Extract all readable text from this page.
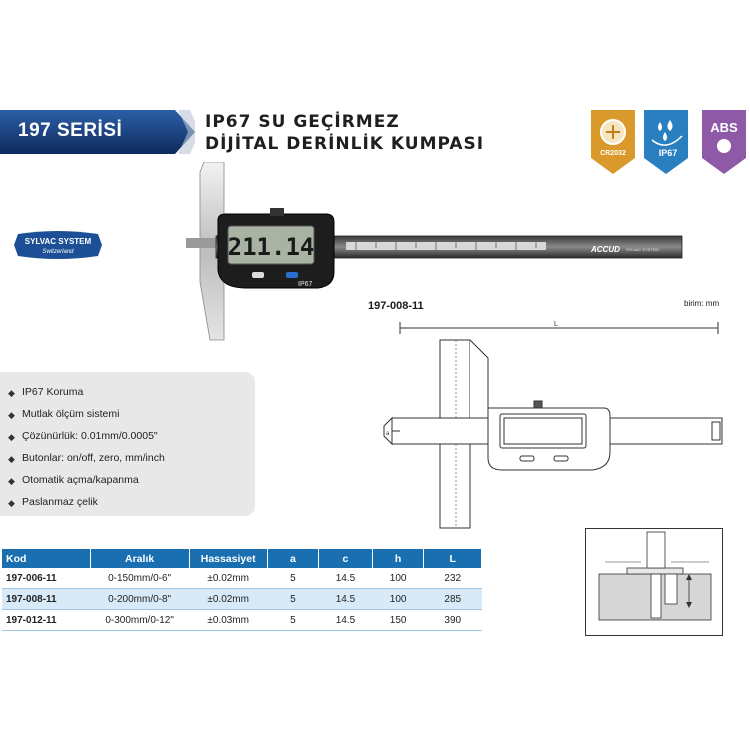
197 SERİSİ	IP67 SU GEÇİRMEZ
DİJİTAL DERİNLİK KUMPASI	CR2032	IP67
ABS
SYLVAC SYSTEM
Switzerland	ACCUD SYLVAC SYSTEM
211.14
IP67
197-008-11	birim: mm
◆ IP67 Koruma
◆ Mutlak ölçüm sistemi
◆ Çözünürlük: 0.01mm/0.0005"
◆ Butonlar: on/off, zero, mm/inch
◆ Otomatik açma/kapanma
◆ Paslanmaz çelik
L
a
Kod	Aralık	Hassasiyet	a	c	h	L
197-006-11	0-150mm/0-6"	±0.02mm	5	14.5	100	232
197-008-11	0-200mm/0-8"	±0.02mm	5	14.5	100	285
197-012-11	0-300mm/0-12"	±0.03mm	5	14.5	150	390
